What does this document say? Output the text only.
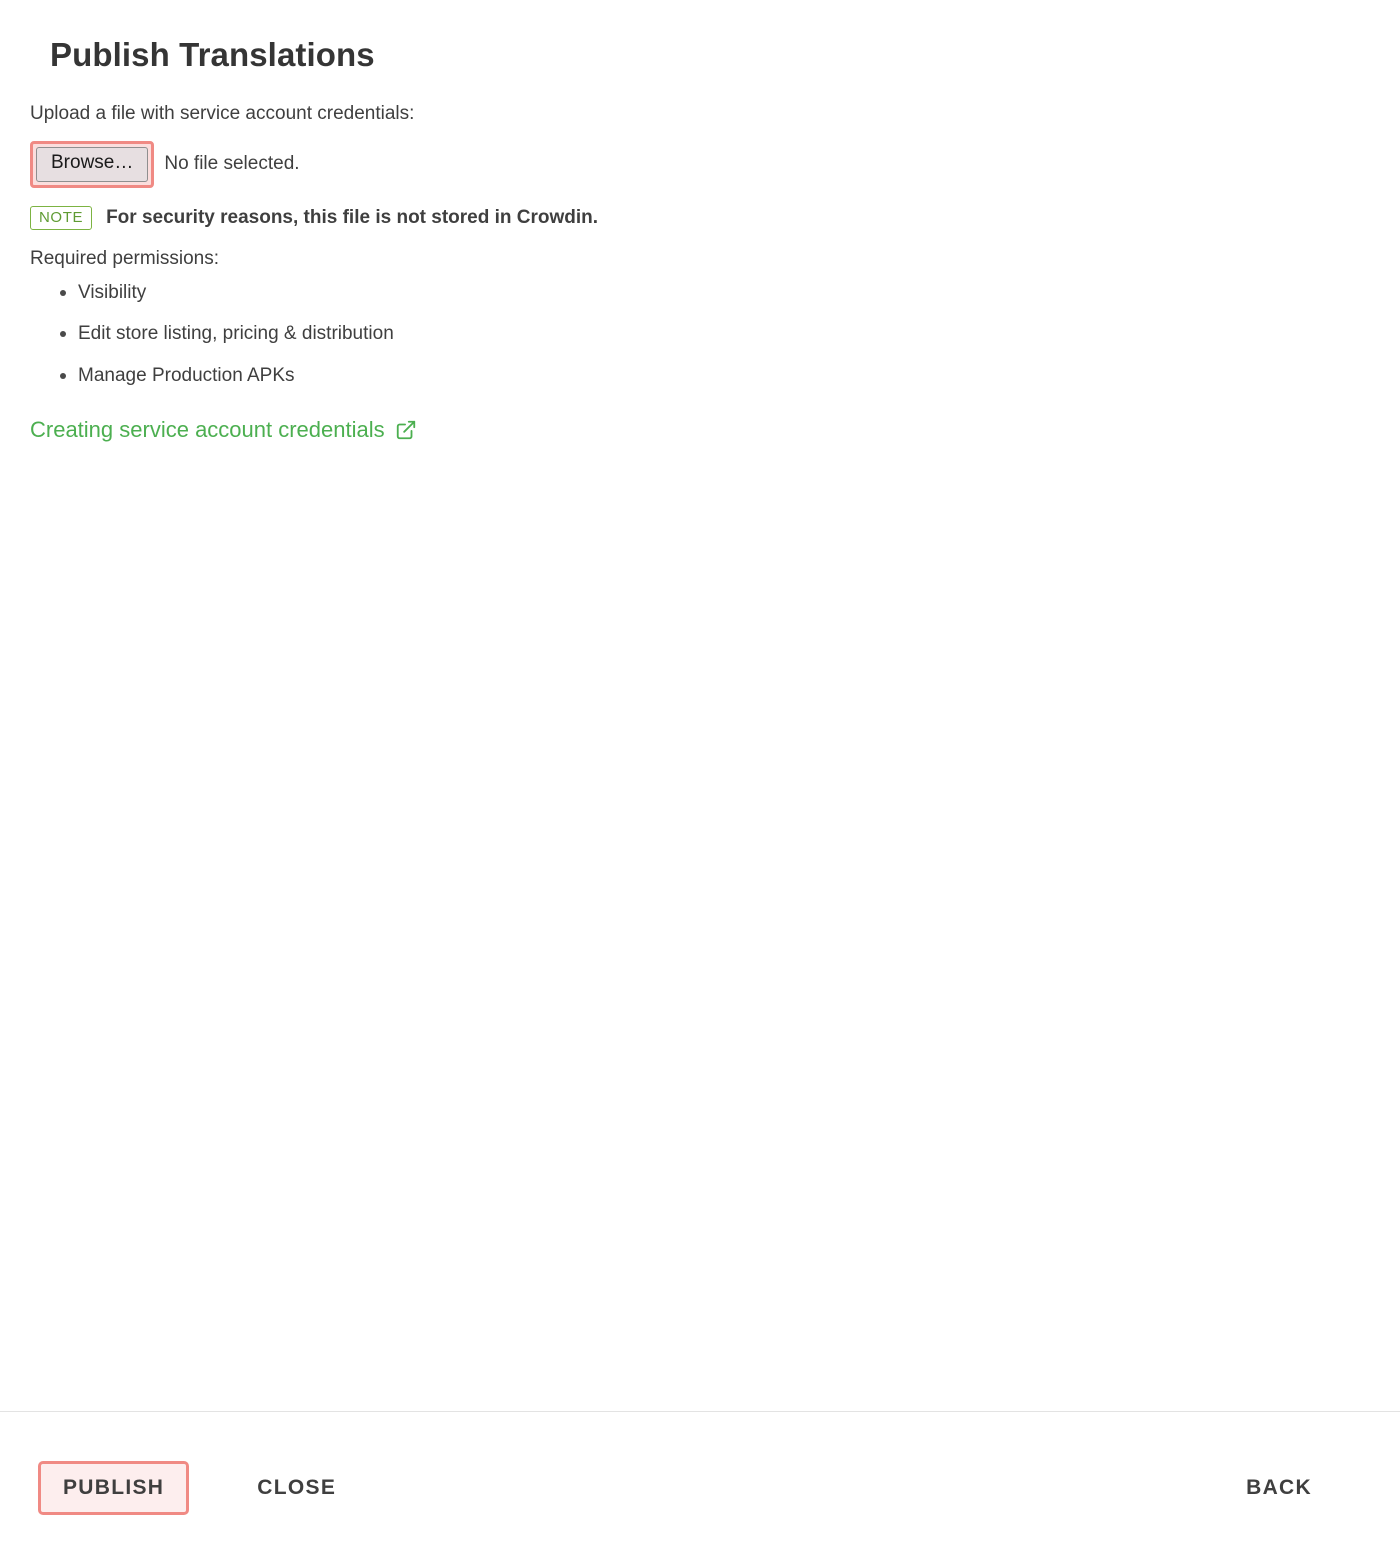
Publish Translations

Upload a file with service account credentials:

Browse…	No file selected.
NOTE	For security reasons, this file is not stored in Crowdin.

Required permissions:

Visibility
Edit store listing, pricing & distribution
Manage Production APKs
Creating service account credentials
PUBLISH	CLOSE	BACK
